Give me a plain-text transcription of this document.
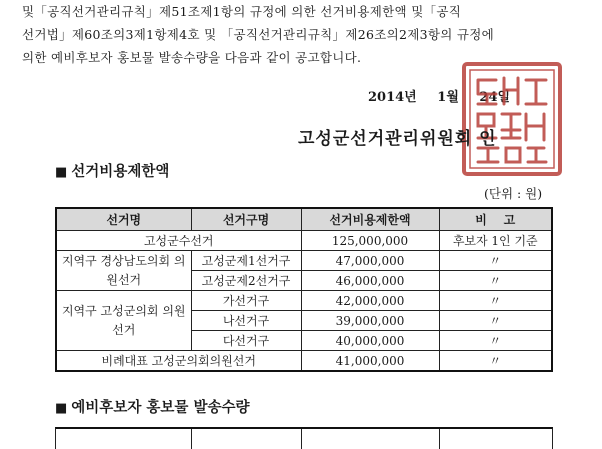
및「공직선거관리규칙」제51조제1항의 규정에 의한 선거비용제한액 및「공직
선거법」제60조의3제1항제4호 및 「공직선거관리규칙」제26조의2제3항의 규정에
의한 예비후보자 홍보물 발송수량을 다음과 같이 공고합니다.
2014년 1월 24일
고성군선거관리위원회 인
■ 선거비용제한액
(단위 : 원)
선거명	선거구명	선거비용제한액	비    고
고성군수선거		125,000,000	후보자 1인 기준
지역구 경상남도의회 의원선거	고성군제1선거구	47,000,000	〃
	고성군제2선거구	46,000,000	〃
지역구 고성군의회 의원선거	가선거구	42,000,000	〃
	나선거구	39,000,000	〃
	다선거구	40,000,000	〃
비례대표 고성군의회의원선거		41,000,000	〃
■ 예비후보자 홍보물 발송수량
